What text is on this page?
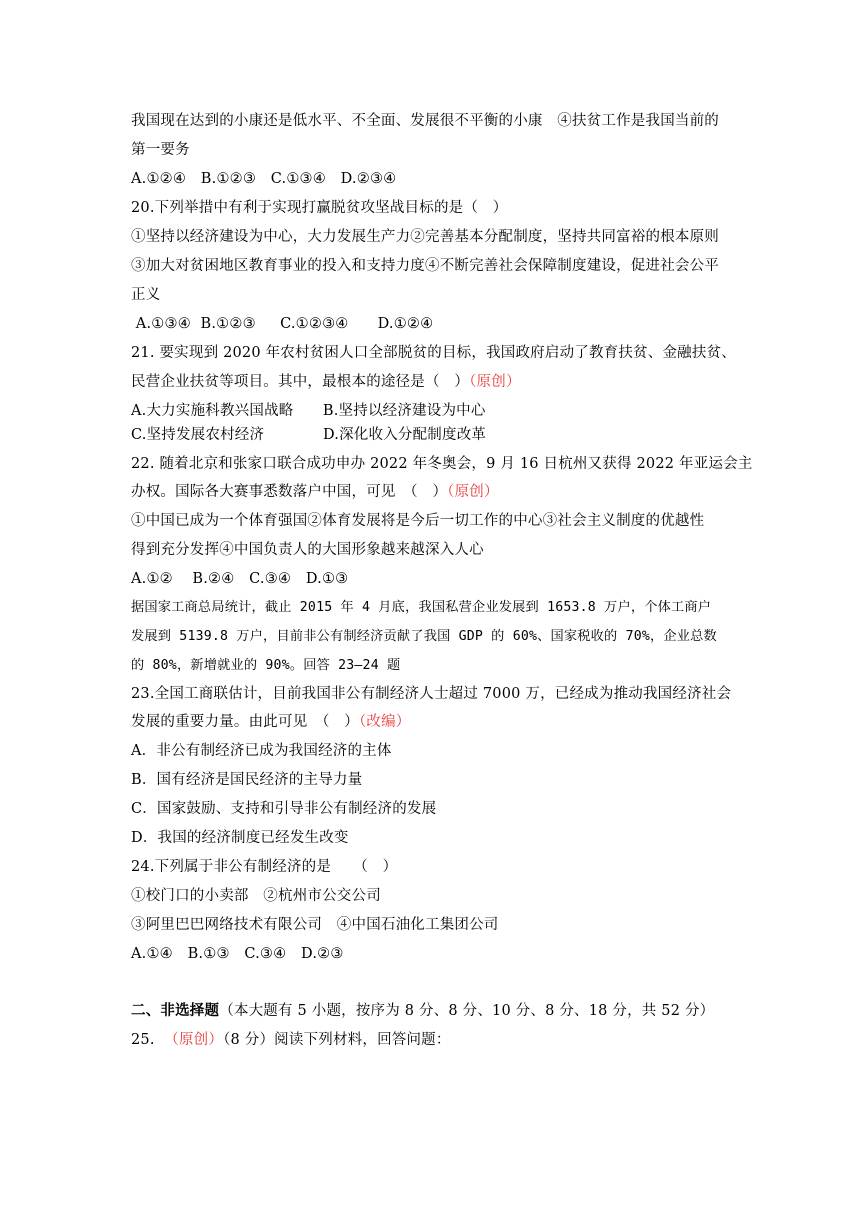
我国现在达到的小康还是低水平、不全面、发展很不平衡的小康　④扶贫工作是我国当前的
第一要务
A.①②④　B.①②③　C.①③④　D.②③④
20.下列举措中有利于实现打赢脱贫攻坚战目标的是（　）
①坚持以经济建设为中心，大力发展生产力②完善基本分配制度，坚持共同富裕的根本原则
③加大对贫困地区教育事业的投入和支持力度④不断完善社会保障制度建设，促进社会公平
正义
A.①③④  B.①②③　  C.①②③④　   D.①②④
21. 要实现到 2020 年农村贫困人口全部脱贫的目标，我国政府启动了教育扶贫、金融扶贫、
民营企业扶贫等项目。其中，最根本的途径是（　）（原创）
A.大力实施科教兴国战略　　B.坚持以经济建设为中心
C.坚持发展农村经济　　　　D.深化收入分配制度改革
22. 随着北京和张家口联合成功申办 2022 年冬奥会，9 月 16 日杭州又获得 2022 年亚运会主
办权。国际各大赛事悉数落户中国，可见　（　）（原创）
①中国已成为一个体育强国②体育发展将是今后一切工作的中心③社会主义制度的优越性
得到充分发挥④中国负责人的大国形象越来越深入人心
A.①②　 B.②④　C.③④　D.①③
据国家工商总局统计，截止 2015 年 4 月底，我国私营企业发展到 1653.8 万户，个体工商户
发展到 5139.8 万户，目前非公有制经济贡献了我国 GDP 的 60%、国家税收的 70%，企业总数
的 80%，新增就业的 90%。回答 23—24 题
23.全国工商联估计，目前我国非公有制经济人士超过 7000 万，已经成为推动我国经济社会
发展的重要力量。由此可见　（　）（改编）
A．非公有制经济已成为我国经济的主体
B．国有经济是国民经济的主导力量
C．国家鼓励、支持和引导非公有制经济的发展
D．我国的经济制度已经发生改变
24.下列属于非公有制经济的是　　（　）
①校门口的小卖部　②杭州市公交公司
③阿里巴巴网络技术有限公司　④中国石油化工集团公司
A.①④　B.①③　C.③④　D.②③
二、非选择题（本大题有 5 小题，按序为 8 分、8 分、10 分、8 分、18 分，共 52 分）
25.  （原创）（8 分）阅读下列材料，回答问题：
